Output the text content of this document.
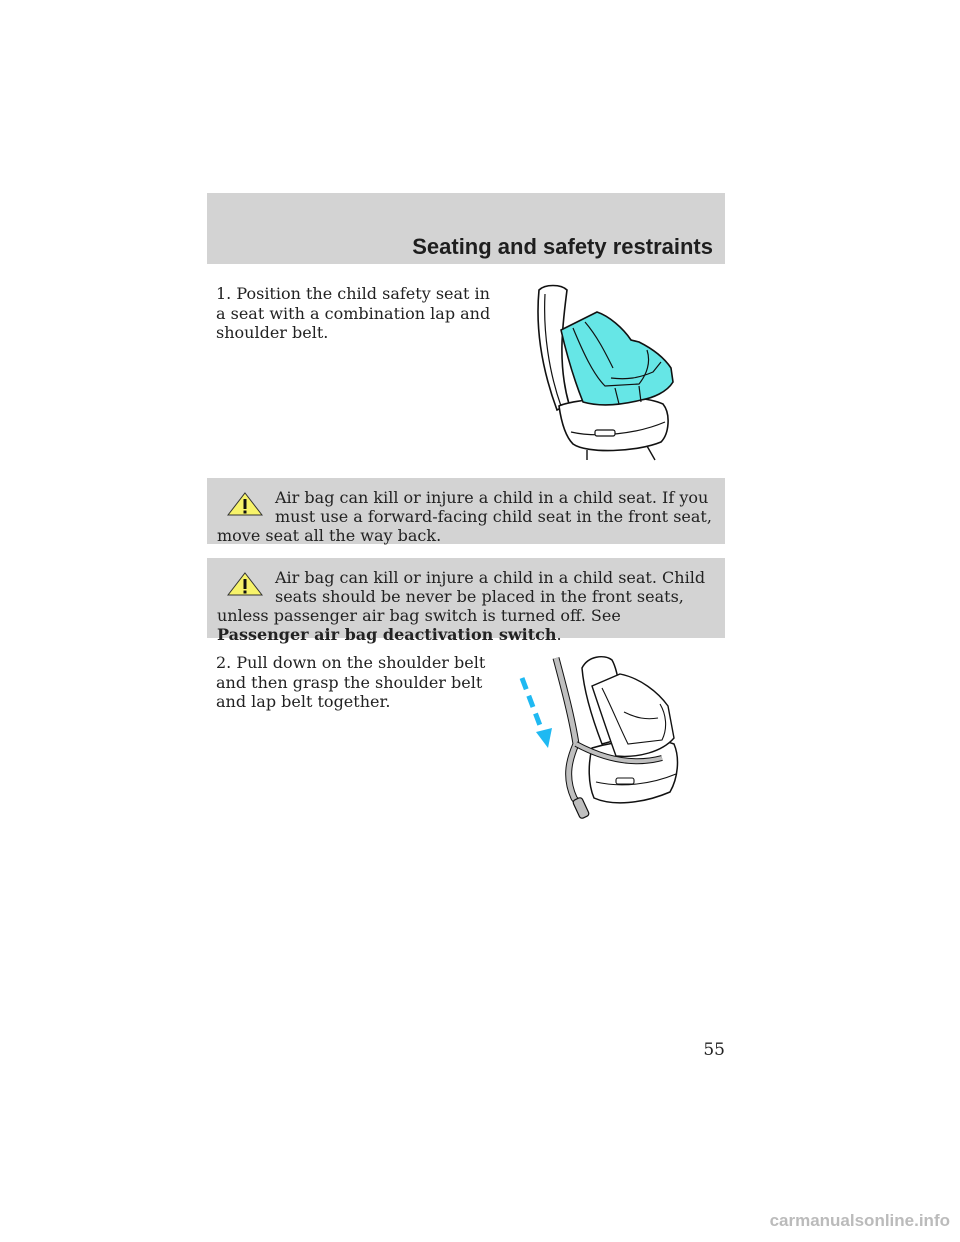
Seating and safety restraints

1. Position the child safety seat in a seat with a combination lap and shoulder belt.

Air bag can kill or injure a child in a child seat. If you must use a forward-facing child seat in the front seat, move seat all the way back.

Air bag can kill or injure a child in a child seat. Child seats should be never be placed in the front seats, unless passenger air bag switch is turned off. See Passenger air bag deactivation switch.

2. Pull down on the shoulder belt and then grasp the shoulder belt and lap belt together.

55

carmanualsonline.info
